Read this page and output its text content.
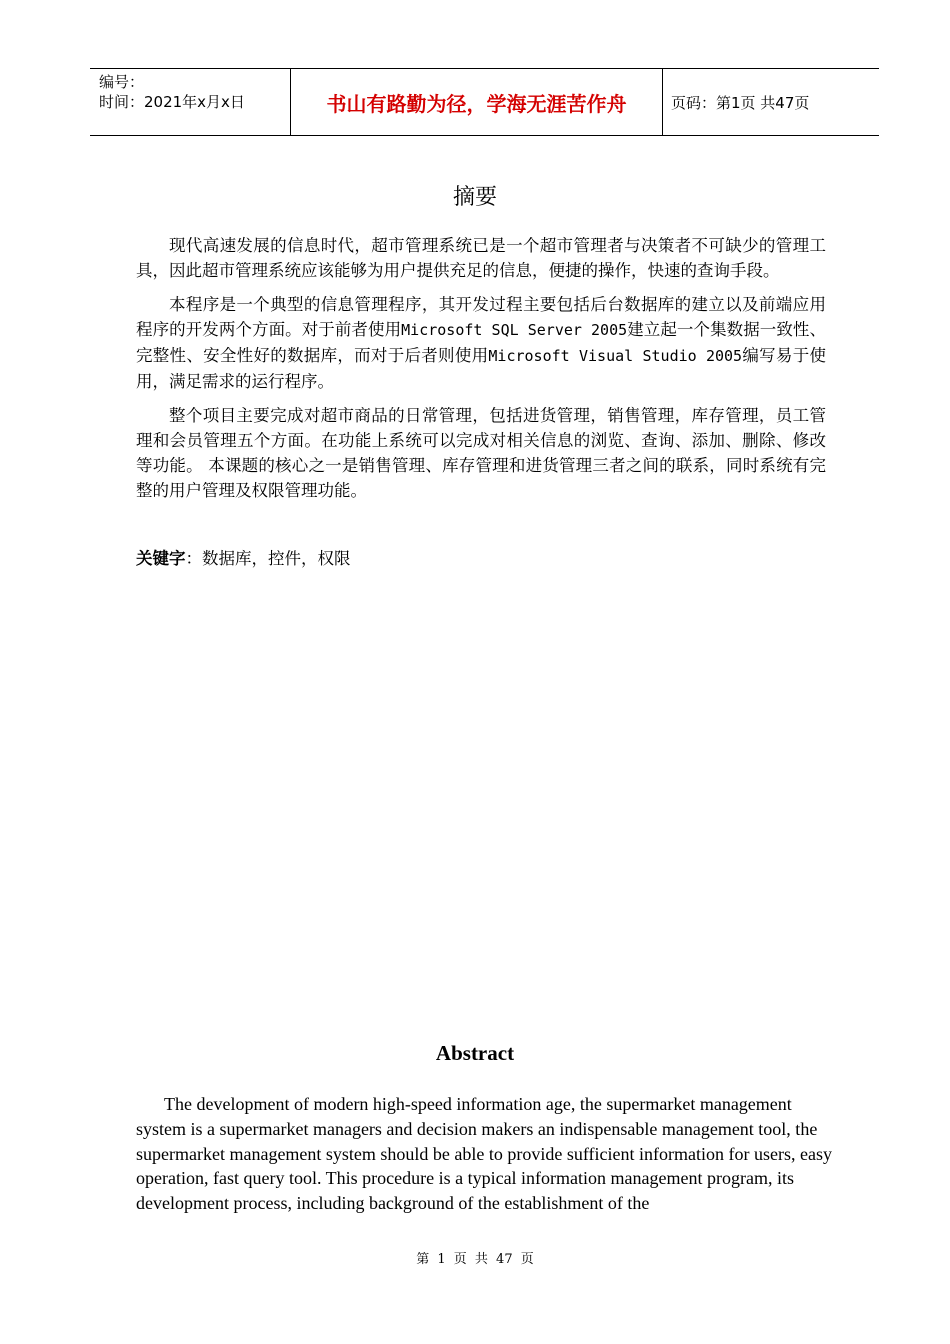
编号：
时间：2021年x月x日	书山有路勤为径，学海无涯苦作舟	页码：第1页 共47页
摘要

现代高速发展的信息时代，超市管理系统已是一个超市管理者与决策者不可缺少的管理工具，因此超市管理系统应该能够为用户提供充足的信息，便捷的操作，快速的查询手段。

本程序是一个典型的信息管理程序，其开发过程主要包括后台数据库的建立以及前端应用程序的开发两个方面。对于前者使用Microsoft SQL Server 2005建立起一个集数据一致性、完整性、安全性好的数据库，而对于后者则使用Microsoft Visual Studio 2005编写易于使用，满足需求的运行程序。

整个项目主要完成对超市商品的日常管理，包括进货管理，销售管理，库存管理，员工管理和会员管理五个方面。在功能上系统可以完成对相关信息的浏览、查询、添加、删除、修改等功能。 本课题的核心之一是销售管理、库存管理和进货管理三者之间的联系，同时系统有完整的用户管理及权限管理功能。

关键字：数据库，控件，权限
Abstract

The development of modern high-speed information age, the supermarket management system is a supermarket managers and decision makers an indispensable management tool, the supermarket management system should be able to provide sufficient information for users, easy operation, fast query tool. This procedure is a typical information management program, its development process, including background of the establishment of the

第 1 页 共 47 页
